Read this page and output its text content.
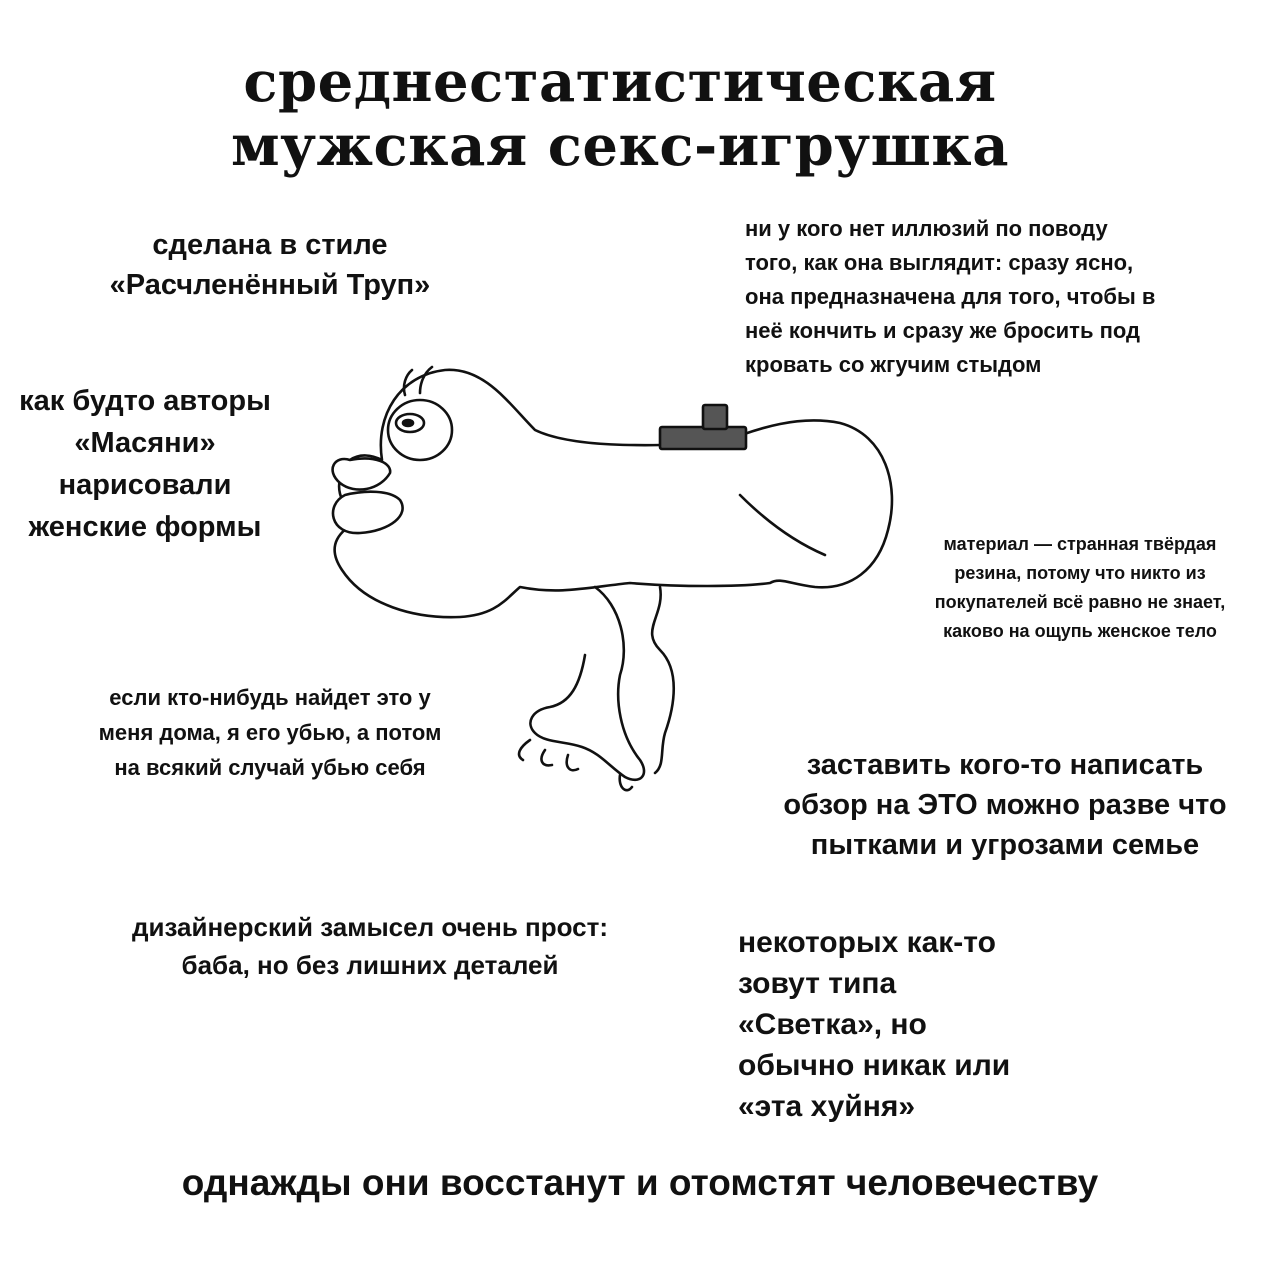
среднестатистическая
мужская секс-игрушка
сделана в стиле
«Расчленённый Труп»
ни у кого нет иллюзий по поводу
того, как она выглядит: сразу ясно,
она предназначена для того, чтобы в
неё кончить и сразу же бросить под
кровать со жгучим стыдом
как будто авторы
«Масяни»
нарисовали
женские формы
материал — странная твёрдая
резина, потому что никто из
покупателей всё равно не знает,
каково на ощупь женское тело
если кто-нибудь найдет это у
меня дома, я его убью, а потом
на всякий случай убью себя	заставить кого-то написать
обзор на ЭТО можно разве что
пытками и угрозами семье
дизайнерский замысел очень прост:
баба, но без лишних деталей
некоторых как-то
зовут типа
«Светка», но
обычно никак или
«эта хуйня»
однажды они восстанут и отомстят человечеству
